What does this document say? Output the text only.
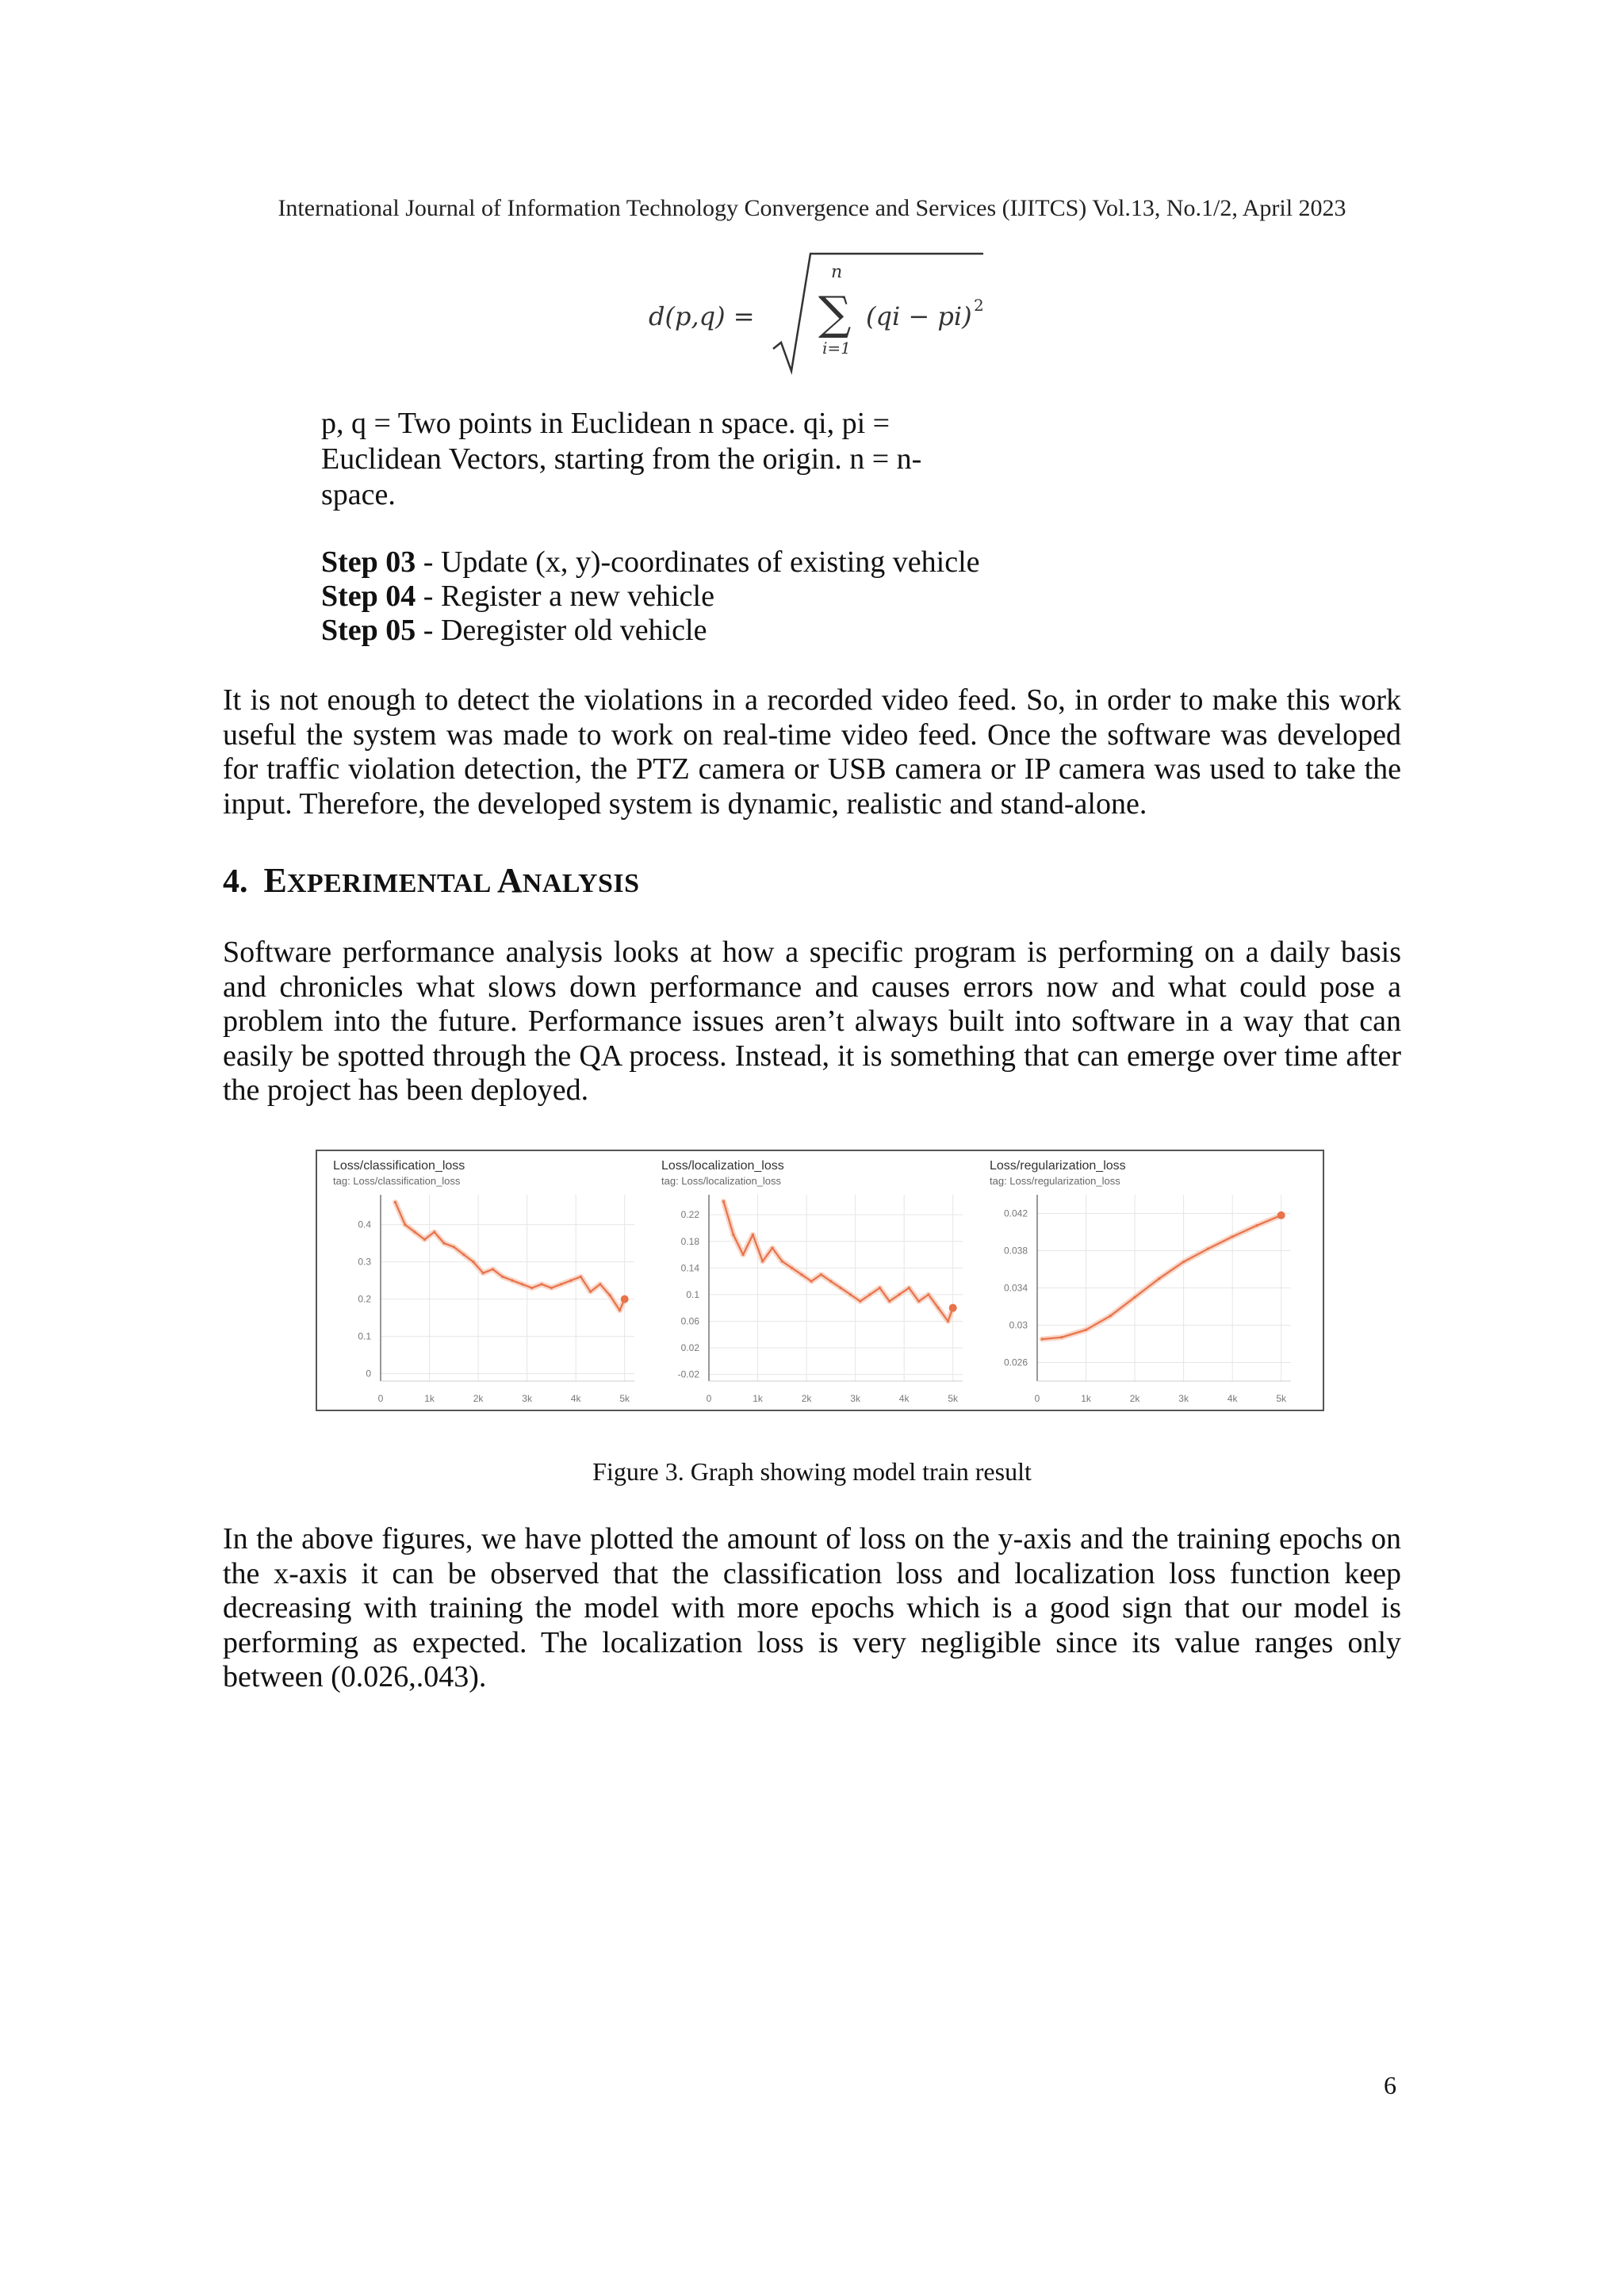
International Journal of Information Technology Convergence and Services (IJITCS) Vol.13, No.1/2, April 2023
d(p,q) =
n
∑
i=1
(qi − pi) 2
p, q = Two points in Euclidean n space. qi, pi = Euclidean Vectors, starting from the origin. n = n-space.
Step 03 - Update (x, y)-coordinates of existing vehicle
Step 04 - Register a new vehicle
Step 05 - Deregister old vehicle

It is not enough to detect the violations in a recorded video feed. So, in order to make this work useful the system was made to work on real-time video feed. Once the software was developed for traffic violation detection, the PTZ camera or USB camera or IP camera was used to take the input. Therefore, the developed system is dynamic, realistic and stand-alone.

4. EXPERIMENTAL ANALYSIS

Software performance analysis looks at how a specific program is performing on a daily basis and chronicles what slows down performance and causes errors now and what could pose a problem into the future. Performance issues aren’t always built into software in a way that can easily be spotted through the QA process. Instead, it is something that can emerge over time after the project has been deployed.

Loss/classification_loss
tag: Loss/classification_loss
0	1k	2k	3k	4k	5k
0.4
0.3
0.2
0.1
0
Loss/localization_loss
tag: Loss/localization_loss
0	1k	2k	3k	4k	5k
0.22
0.18
0.14
0.1
0.06
0.02
-0.02
Loss/regularization_loss
tag: Loss/regularization_loss
0	1k	2k	3k	4k	5k
0.042
0.038
0.034
0.03
0.026
Figure 3. Graph showing model train result

In the above figures, we have plotted the amount of loss on the y-axis and the training epochs on the x-axis it can be observed that the classification loss and localization loss function keep decreasing with training the model with more epochs which is a good sign that our model is performing as expected. The localization loss is very negligible since its value ranges only between (0.026,.043).

6
